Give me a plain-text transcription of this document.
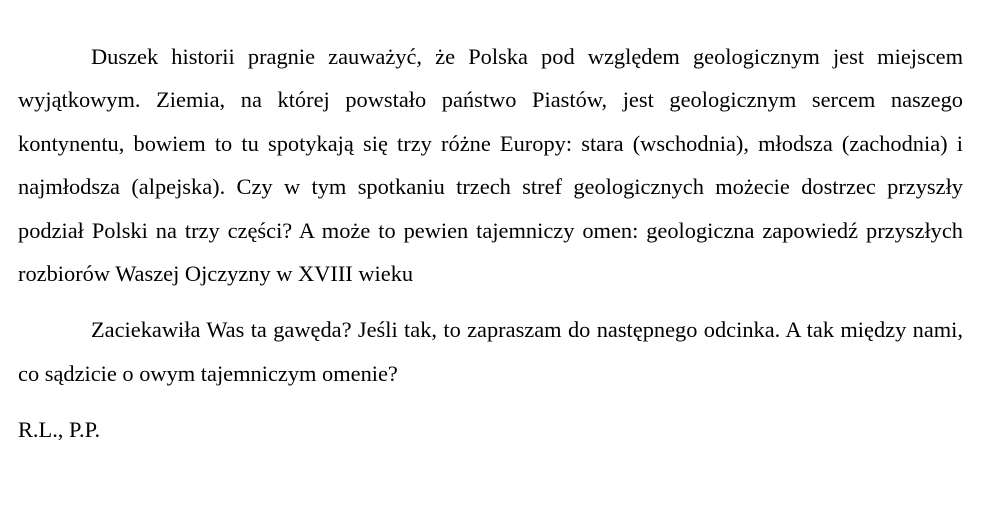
Duszek historii pragnie zauważyć, że Polska pod względem geologicznym jest miejscem wyjątkowym. Ziemia, na której powstało państwo Piastów, jest geologicznym sercem naszego kontynentu, bowiem to tu spotykają się trzy różne Europy: stara (wschodnia), młodsza (zachodnia) i najmłodsza (alpejska). Czy w tym spotkaniu trzech stref geologicznych możecie dostrzec przyszły podział Polski na trzy części? A może to pewien tajemniczy omen: geologiczna zapowiedź przyszłych rozbiorów Waszej Ojczyzny w XVIII wieku

Zaciekawiła Was ta gawęda? Jeśli tak, to zapraszam do następnego odcinka. A tak między nami, co sądzicie o owym tajemniczym omenie?

R.L., P.P.
